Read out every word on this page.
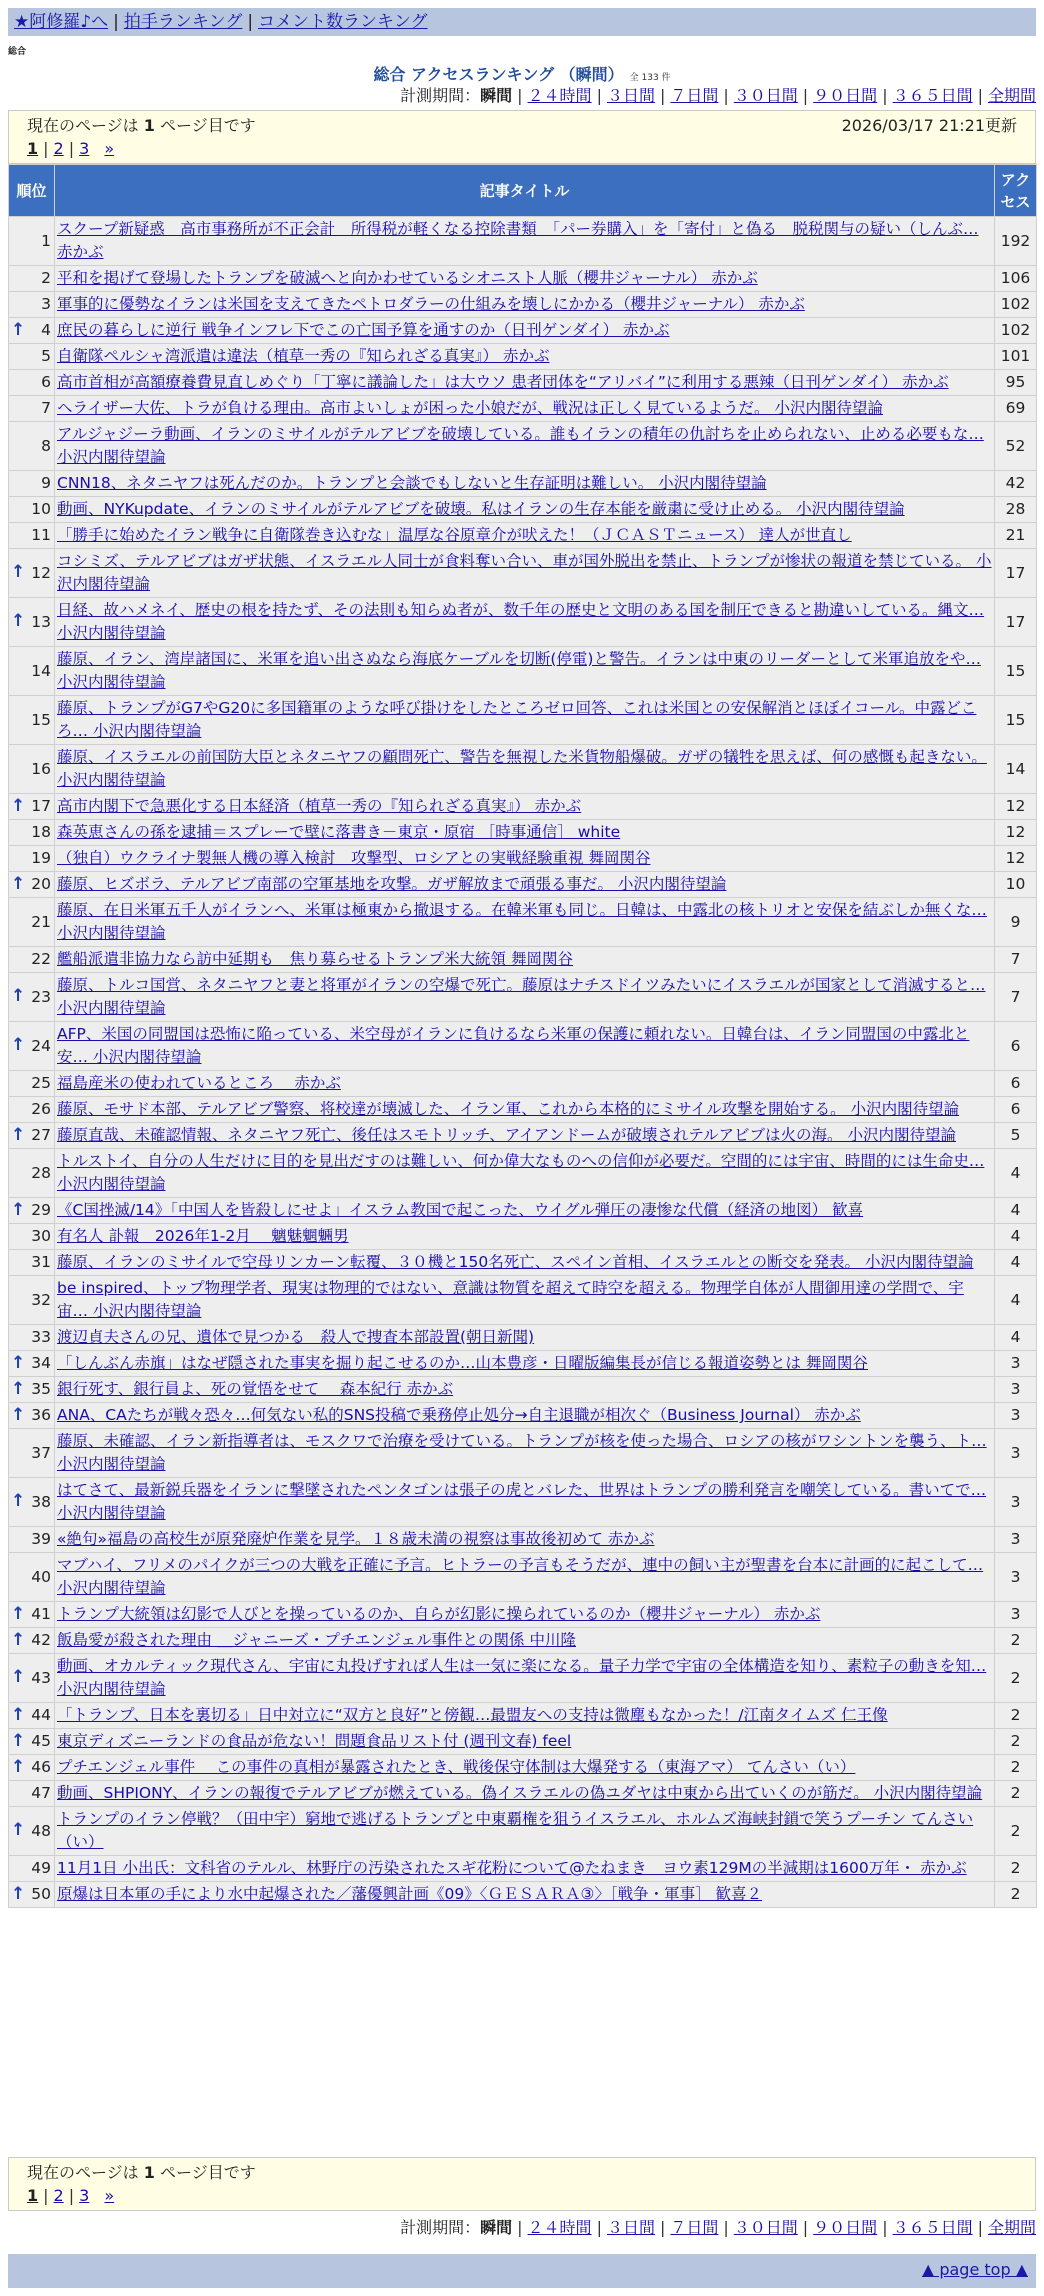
★阿修羅♪へ | 拍手ランキング | コメント数ランキング
総合
総合 アクセスランキング （瞬間） 全 133 件
計測期間：瞬間 | ２４時間 | ３日間 | ７日間 | ３０日間 | ９０日間 | ３６５日間 | 全期間
現在のページは 1 ページ目です	2026/03/17 21:21更新
1 | 2 | 3 »
順位	記事タイトル	アクセス
1	スクープ新疑惑　高市事務所が不正会計　所得税が軽くなる控除書類　「パー券購入」を「寄付」と偽る　脱税関与の疑い（しんぶ… 赤かぶ	192
2	平和を掲げて登場したトランプを破滅へと向かわせているシオニスト人脈（櫻井ジャーナル） 赤かぶ	106
3	軍事的に優勢なイランは米国を支えてきたペトロダラーの仕組みを壊しにかかる（櫻井ジャーナル） 赤かぶ	102

↑ 4	庶民の暮らしに逆行 戦争インフレ下でこの亡国予算を通すのか（日刊ゲンダイ） 赤かぶ	102
5	自衛隊ペルシャ湾派遣は違法（植草一秀の『知られざる真実』） 赤かぶ	101
6	高市首相が高額療養費見直しめぐり「丁寧に議論した」は大ウソ 患者団体を“アリバイ”に利用する悪辣（日刊ゲンダイ） 赤かぶ	95
7	ヘライザー大佐、トラが負ける理由。高市よいしょが困った小娘だが、戦況は正しく見ているようだ。 小沢内閣待望論	69
8	アルジャジーラ動画、イランのミサイルがテルアビブを破壊している。誰もイランの積年の仇討ちを止められない、止める必要もな… 小沢内閣待望論	52
9	CNN18、ネタニヤフは死んだのか。トランプと会談でもしないと生存証明は難しい。 小沢内閣待望論	42
10	動画、NYKupdate、イランのミサイルがテルアビブを破壊。私はイランの生存本能を厳粛に受け止める。 小沢内閣待望論	28
11	「勝手に始めたイラン戦争に自衛隊巻き込むな」温厚な谷原章介が吠えた！（ＪＣＡＳＴニュース） 達人が世直し	21

↑ 12	コシミズ、テルアビブはガザ状態、イスラエル人同士が食料奪い合い、車が国外脱出を禁止、トランプが惨状の報道を禁じている。 小沢内閣待望論	17

↑ 13	日経、故ハメネイ、歴史の根を持たず、その法則も知らぬ者が、数千年の歴史と文明のある国を制圧できると勘違いしている。縄文… 小沢内閣待望論	17
14	藤原、イラン、湾岸諸国に、米軍を追い出さぬなら海底ケーブルを切断(停電)と警告。イランは中東のリーダーとして米軍追放をや… 小沢内閣待望論	15
15	藤原、トランプがG7やG20に多国籍軍のような呼び掛けをしたところゼロ回答、これは米国との安保解消とほぼイコール。中露どころ… 小沢内閣待望論	15
16	藤原、イスラエルの前国防大臣とネタニヤフの顧問死亡、警告を無視した米貨物船爆破。ガザの犠牲を思えば、何の感慨も起きない。 小沢内閣待望論	14

↑ 17	高市内閣下で急悪化する日本経済（植草一秀の『知られざる真実』） 赤かぶ	12
18	森英恵さんの孫を逮捕＝スプレーで壁に落書き－東京・原宿 ［時事通信］ white	12
19	（独自）ウクライナ製無人機の導入検討　攻撃型、ロシアとの実戦経験重視 舞岡関谷	12

↑ 20	藤原、ヒズボラ、テルアビブ南部の空軍基地を攻撃。ガザ解放まで頑張る事だ。 小沢内閣待望論	10
21	藤原、在日米軍五千人がイランへ、米軍は極東から撤退する。在韓米軍も同じ。日韓は、中露北の核トリオと安保を結ぶしか無くな… 小沢内閣待望論	9
22	艦船派遣非協力なら訪中延期も　焦り募らせるトランプ米大統領 舞岡関谷	7

↑ 23	藤原、トルコ国営、ネタニヤフと妻と将軍がイランの空爆で死亡。藤原はナチスドイツみたいにイスラエルが国家として消滅すると… 小沢内閣待望論	7

↑ 24	AFP、米国の同盟国は恐怖に陥っている、米空母がイランに負けるなら米軍の保護に頼れない。日韓台は、イラン同盟国の中露北と安… 小沢内閣待望論	6
25	福島産米の使われているところ　 赤かぶ	6
26	藤原、モサド本部、テルアビブ警察、将校達が壊滅した、イラン軍、これから本格的にミサイル攻撃を開始する。 小沢内閣待望論	6

↑ 27	藤原直哉、未確認情報、ネタニヤフ死亡、後任はスモトリッチ、アイアンドームが破壊されテルアビブは火の海。 小沢内閣待望論	5
28	トルストイ、自分の人生だけに目的を見出だすのは難しい、何か偉大なものへの信仰が必要だ。空間的には宇宙、時間的には生命史… 小沢内閣待望論	4

↑ 29	《C国挫滅/14》「中国人を皆殺しにせよ」イスラム教国で起こった、ウイグル弾圧の凄惨な代償（経済の地図） 歓喜	4
30	有名人 訃報　2026年1-2月　 魑魅魍魎男	4
31	藤原、イランのミサイルで空母リンカーン転覆、３０機と150名死亡、スペイン首相、イスラエルとの断交を発表。 小沢内閣待望論	4
32	be inspired、トップ物理学者、現実は物理的ではない、意識は物質を超えて時空を超える。物理学自体が人間御用達の学問で、宇宙… 小沢内閣待望論	4
33	渡辺貞夫さんの兄、遺体で見つかる　殺人で捜査本部設置(朝日新聞)	4

↑ 34	「しんぶん赤旗」はなぜ隠された事実を掘り起こせるのか…山本豊彦・日曜版編集長が信じる報道姿勢とは 舞岡関谷	3

↑ 35	銀行死す、銀行員よ、死の覚悟をせて　 森本紀行 赤かぶ	3

↑ 36	ANA、CAたちが戦々恐々…何気ない私的SNS投稿で乗務停止処分→自主退職が相次ぐ（Business Journal） 赤かぶ	3
37	藤原、未確認、イラン新指導者は、モスクワで治療を受けている。トランプが核を使った場合、ロシアの核がワシントンを襲う、ト… 小沢内閣待望論	3

↑ 38	はてさて、最新鋭兵器をイランに撃墜されたペンタゴンは張子の虎とバレた、世界はトランプの勝利発言を嘲笑している。書いてで… 小沢内閣待望論	3
39	«絶句»福島の高校生が原発廃炉作業を見学。１８歳未満の視察は事故後初めて 赤かぶ	3
40	マブハイ、フリメのパイクが三つの大戦を正確に予言。ヒトラーの予言もそうだが、連中の飼い主が聖書を台本に計画的に起こして… 小沢内閣待望論	3

↑ 41	トランプ大統領は幻影で人びとを操っているのか、自らが幻影に操られているのか（櫻井ジャーナル） 赤かぶ	3

↑ 42	飯島愛が殺された理由 ＿ジャニーズ・プチエンジェル事件との関係 中川隆	2

↑ 43	動画、オカルティック現代さん、宇宙に丸投げすれば人生は一気に楽になる。量子力学で宇宙の全体構造を知り、素粒子の動きを知… 小沢内閣待望論	2

↑ 44	「トランプ、日本を裏切る」日中対立に“双方と良好”と傍観…最盟友への支持は微塵もなかった！/江南タイムズ 仁王像	2

↑ 45	東京ディズニーランドの食品が危ない！問題食品リスト付 (週刊文春) feel	2

↑ 46	プチエンジェル事件　 この事件の真相が暴露されたとき、戦後保守体制は大爆発する（東海アマ） てんさい（い）	2
47	動画、SHPIONY、イランの報復でテルアビブが燃えている。偽イスラエルの偽ユダヤは中東から出ていくのが筋だ。 小沢内閣待望論	2

↑ 48	トランプのイラン停戦？（田中宇）窮地で逃げるトランプと中東覇権を狙うイスラエル、ホルムズ海峡封鎖で笑うプーチン てんさい（い）	2
49	11月1日 小出氏：文科省のテルル、林野庁の汚染されたスギ花粉について@たねまき　ヨウ素129Mの半減期は1600万年・ 赤かぶ	2

↑ 50	原爆は日本軍の手により水中起爆された／藩優興計画《09》〈ＧＥＳＡＲＡ③〉［戦争・軍事］ 歓喜２	2
現在のページは 1 ページ目です
1 | 2 | 3 »
計測期間：瞬間 | ２４時間 | ３日間 | ７日間 | ３０日間 | ９０日間 | ３６５日間 | 全期間
▲ page top ▲
